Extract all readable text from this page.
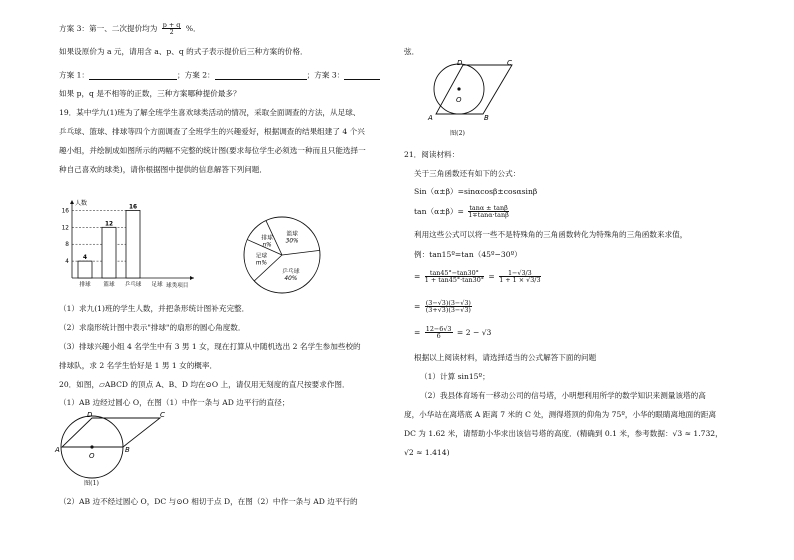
方案 3：第一、二次提价均为 $\frac{p + q}{2}$ %．
如果设原价为 a 元，请用含 a、p、q 的式子表示提价后三种方案的价格．
方案 1：	；方案 2：	；方案 3：
如果 p，q 是不相等的正数，三种方案哪种提价最多？
19．某中学九(1)班为了解全班学生喜欢球类活动的情况，采取全面调查的方法，从足球、
乒乓球、篮球、排球等四个方面调查了全班学生的兴趣爱好，根据调查的结果组建了 4 个兴
趣小组，并绘制成如图所示的两幅不完整的统计图(要求每位学生必须选一种而且只能选择一
种自己喜欢的球类)，请你根据图中提供的信息解答下列问题．
人数
球类项目
4
8
12
16
4
排球
12
篮球
16
乒乓球 足球
篮球
30%
乒乓球
40%
足球
m%
排球
n%
（1）求九(1)班的学生人数，并把条形统计图补充完整．
（2）求扇形统计图中表示"排球"的扇形的圆心角度数．
（3）排球兴趣小组 4 名学生中有 3 男 1 女，现在打算从中随机选出 2 名学生参加些校的
排球队，求 2 名学生恰好是 1 男 1 女的概率．
20．如图，▱ABCD 的顶点 A、B、D 均在⊙O 上，请仅用无刻度的直尺按要求作图．
（1）AB 边经过圆心 O，在图（1）中作一条与 AD 边平行的直径；
A	B
C
D
O
图(1)
（2）AB 边不经过圆心 O，DC 与⊙O 相切于点 D，在图（2）中作一条与 AD 边平行的
弦．
A	B
C
D
O
图(2)
21．阅读材料：
关于三角函数还有如下的公式：
Sin（α±β）=sinαcosβ±cosαsinβ
$\tan(\alpha\pm\beta)= \frac{\tan\alpha \pm \tan\beta}{1\mp\tan\alpha\cdot\tan\beta}$
利用这些公式可以将一些不是特殊角的三角函数转化为特殊角的三角函数来求值，
例：tan15º=tan（45º−30º）
= $\frac{\tan 45^\circ-\tan 30^\circ}{1 + \tan 45^\circ\cdot\tan 30^\circ} = \frac{1-√3/3}{1 + 1 \times √3/3}$
= $\frac{(3-√3)(3-√3)}{(3+√3)(3-√3)}$
= $\frac{12-6√3}{6} = 2 - √3$
根据以上阅读材料，请选择适当的公式解答下面的问题
（1）计算 sin15º；
（2）我县体育场有一移动公司的信号塔，小明想利用所学的数学知识来测量该塔的高
度，小华站在离塔底 A 距离 7 米的 C 处，测得塔顶的仰角为 75º，小华的眼睛离地面的距离
DC 为 1.62 米，请帮助小华求出该信号塔的高度．(精确到 0.1 米，参考数据：√3 ≈ 1.732，
√2 ≈ 1.414)
